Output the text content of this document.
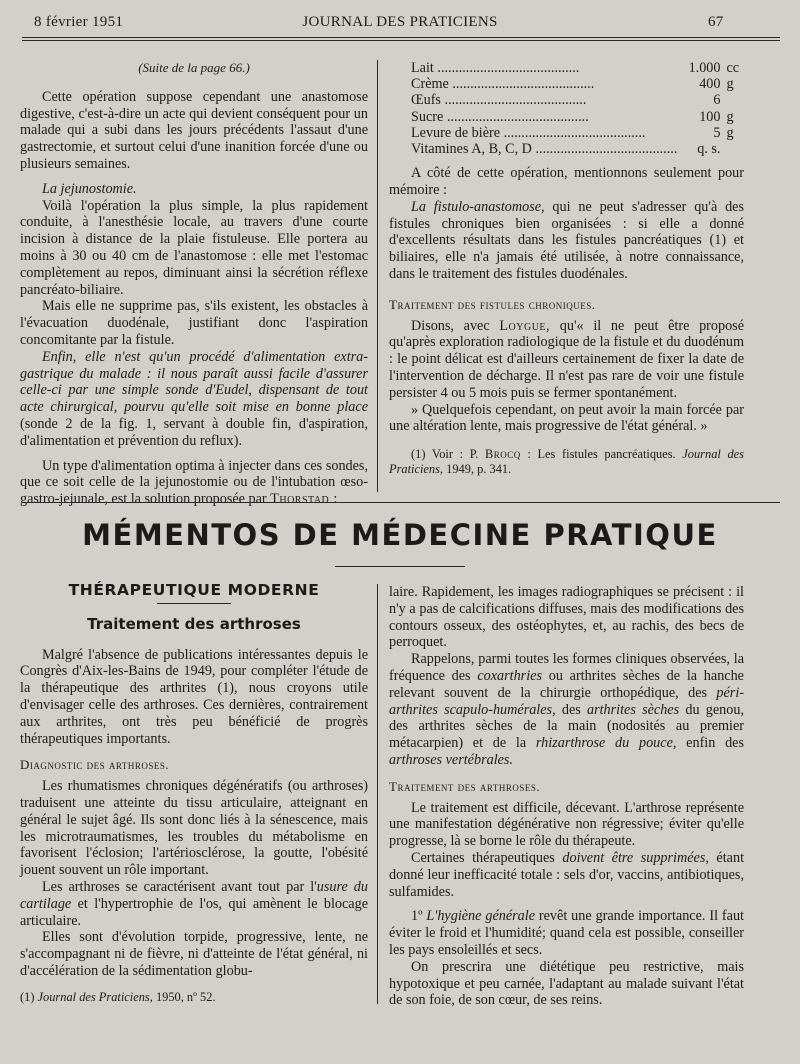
8 février 1951	JOURNAL DES PRATICIENS	67

(Suite de la page 66.)

Cette opération suppose cependant une anastomose digestive, c'est-à-dire un acte qui devient conséquent pour un malade qui a subi dans les jours précédents l'assaut d'une gastrectomie, et surtout celui d'une inanition forcée d'une ou plusieurs semaines.

La jejunostomie.

Voilà l'opération la plus simple, la plus rapidement conduite, à l'anesthésie locale, au travers d'une courte incision à distance de la plaie fistuleuse. Elle portera au moins à 30 ou 40 cm de l'anastomose : elle met l'estomac complètement au repos, diminuant ainsi la sécrétion réflexe pancréato-biliaire.

Mais elle ne supprime pas, s'ils existent, les obstacles à l'évacuation duodénale, justifiant donc l'aspiration concomitante par la fistule.

Enfin, elle n'est qu'un procédé d'alimentation extra-gastrique du malade : il nous paraît aussi facile d'assurer celle-ci par une simple sonde d'Eudel, dispensant de tout acte chirurgical, pourvu qu'elle soit mise en bonne place (sonde 2 de la fig. 1, servant à double fin, d'aspiration, d'alimentation et prévention du reflux).

Un type d'alimentation optima à injecter dans ces sondes, que ce soit celle de la jejunostomie ou de l'intubation œso-gastro-jejunale, est la solution proposée par Thorstad :

Lait ........................................	1.000	cc
Crème ........................................	400	g
Œufs ........................................	6	
Sucre ........................................	100	g
Levure de bière ........................................	5	g
Vitamines A, B, C, D ........................................	q. s.	

A côté de cette opération, mentionnons seulement pour mémoire :

La fistulo-anastomose, qui ne peut s'adresser qu'à des fistules chroniques bien organisées : si elle a donné d'excellents résultats dans les fistules pancréatiques (1) et biliaires, elle n'a jamais été utilisée, à notre connaissance, dans le traitement des fistules duodénales.

Traitement des fistules chroniques.

Disons, avec Loygue, qu'« il ne peut être proposé qu'après exploration radiologique de la fistule et du duodénum : le point délicat est d'ailleurs certainement de fixer la date de l'intervention de décharge. Il n'est pas rare de voir une fistule persister 4 ou 5 mois puis se fermer spontanément.

» Quelquefois cependant, on peut avoir la main forcée par une altération lente, mais progressive de l'état général. »

(1) Voir : P. Brocq : Les fistules pancréatiques. Journal des Praticiens, 1949, p. 341.

MÉMENTOS DE MÉDECINE PRATIQUE

THÉRAPEUTIQUE MODERNE

Traitement des arthroses

Malgré l'absence de publications intéressantes depuis le Congrès d'Aix-les-Bains de 1949, pour compléter l'étude de la thérapeutique des arthrites (1), nous croyons utile d'envisager celle des arthroses. Ces dernières, contrairement aux arthrites, ont très peu bénéficié de progrès thérapeutiques importants.

Diagnostic des arthroses.

Les rhumatismes chroniques dégénératifs (ou arthroses) traduisent une atteinte du tissu articulaire, atteignant en général le sujet âgé. Ils sont donc liés à la sénescence, mais les microtraumatismes, les troubles du métabolisme en favorisent l'éclosion; l'artériosclérose, la goutte, l'obésité jouent souvent un rôle important.

Les arthroses se caractérisent avant tout par l'usure du cartilage et l'hypertrophie de l'os, qui amènent le blocage articulaire.

Elles sont d'évolution torpide, progressive, lente, ne s'accompagnant ni de fièvre, ni d'atteinte de l'état général, ni d'accélération de la sédimentation globu-

(1) Journal des Praticiens, 1950, nº 52.

laire. Rapidement, les images radiographiques se précisent : il n'y a pas de calcifications diffuses, mais des modifications des contours osseux, des ostéophytes, et, au rachis, des becs de perroquet.

Rappelons, parmi toutes les formes cliniques observées, la fréquence des coxarthries ou arthrites sèches de la hanche relevant souvent de la chirurgie orthopédique, des péri-arthrites scapulo-humérales, des arthrites sèches du genou, des arthrites sèches de la main (nodosités au premier métacarpien) et de la rhizarthrose du pouce, enfin des arthroses vertébrales.

Traitement des arthroses.

Le traitement est difficile, décevant. L'arthrose représente une manifestation dégénérative non régressive; éviter qu'elle progresse, là se borne le rôle du thérapeute.

Certaines thérapeutiques doivent être supprimées, étant donné leur inefficacité totale : sels d'or, vaccins, antibiotiques, sulfamides.

1º L'hygiène générale revêt une grande importance. Il faut éviter le froid et l'humidité; quand cela est possible, conseiller les pays ensoleillés et secs.

On prescrira une diététique peu restrictive, mais hypotoxique et peu carnée, l'adaptant au malade suivant l'état de son foie, de son cœur, de ses reins.
